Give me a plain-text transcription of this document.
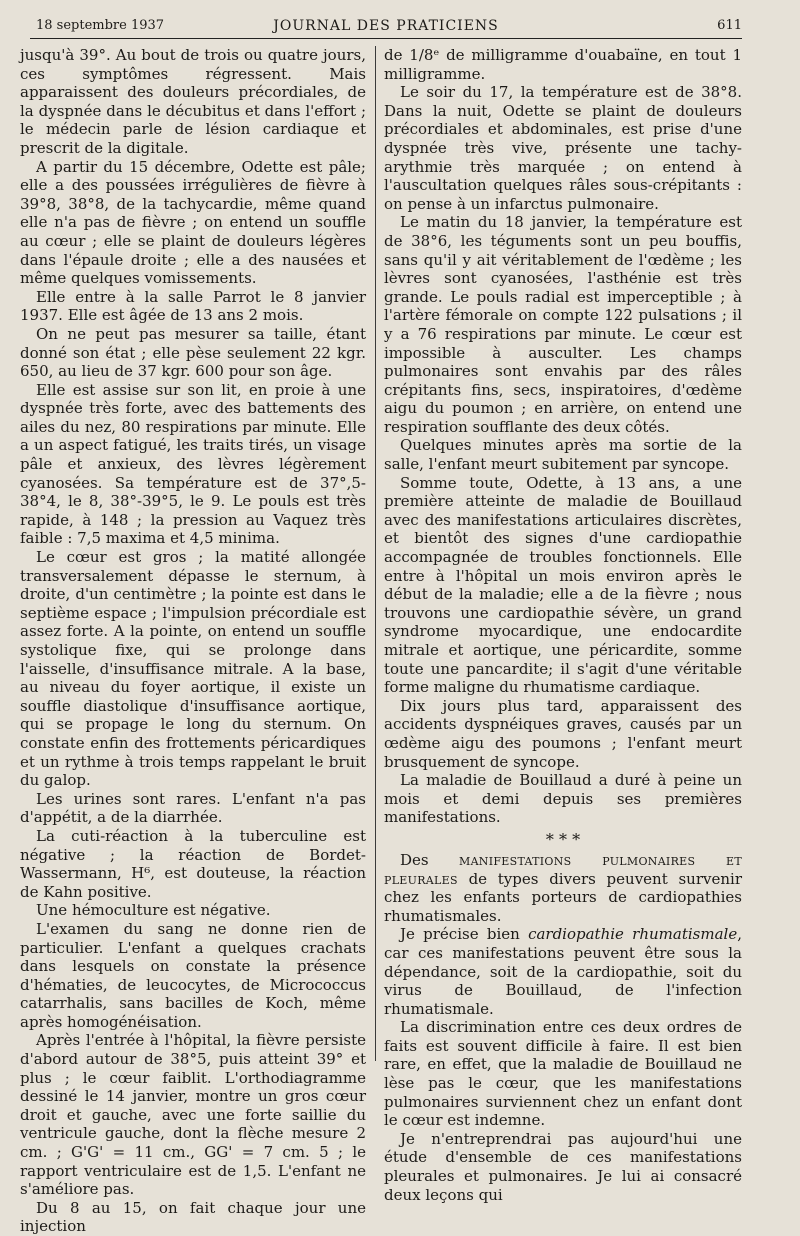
18 septembre 1937	JOURNAL DES PRATICIENS	611

jusqu'à 39°. Au bout de trois ou quatre jours, ces symptômes régressent. Mais apparaissent des douleurs précordiales, de la dyspnée dans le décubitus et dans l'effort ; le médecin parle de lésion cardiaque et prescrit de la digitale.

A partir du 15 décembre, Odette est pâle; elle a des poussées irrégulières de fièvre à 39°8, 38°8, de la tachycardie, même quand elle n'a pas de fièvre ; on entend un souffle au cœur ; elle se plaint de douleurs légères dans l'épaule droite ; elle a des nausées et même quelques vomissements.

Elle entre à la salle Parrot le 8 janvier 1937. Elle est âgée de 13 ans 2 mois.

On ne peut pas mesurer sa taille, étant donné son état ; elle pèse seulement 22 kgr. 650, au lieu de 37 kgr. 600 pour son âge.

Elle est assise sur son lit, en proie à une dyspnée très forte, avec des battements des ailes du nez, 80 respirations par minute. Elle a un aspect fatigué, les traits tirés, un visage pâle et anxieux, des lèvres légèrement cyanosées. Sa température est de 37°,5-38°4, le 8, 38°-39°5, le 9. Le pouls est très rapide, à 148 ; la pression au Vaquez très faible : 7,5 maxima et 4,5 minima.

Le cœur est gros ; la matité allongée transversalement dépasse le sternum, à droite, d'un centimètre ; la pointe est dans le septième espace ; l'impulsion précordiale est assez forte. A la pointe, on entend un souffle systolique fixe, qui se prolonge dans l'aisselle, d'insuffisance mitrale. A la base, au niveau du foyer aortique, il existe un souffle diastolique d'insuffisance aortique, qui se propage le long du sternum. On constate enfin des frottements péricardiques et un rythme à trois temps rappelant le bruit du galop.

Les urines sont rares. L'enfant n'a pas d'appétit, a de la diarrhée.

La cuti-réaction à la tuberculine est négative ; la réaction de Bordet-Wassermann, H⁶, est douteuse, la réaction de Kahn positive.

Une hémoculture est négative.

L'examen du sang ne donne rien de particulier. L'enfant a quelques crachats dans lesquels on constate la présence d'hématies, de leucocytes, de Micrococcus catarrhalis, sans bacilles de Koch, même après homogénéisation.

Après l'entrée à l'hôpital, la fièvre persiste d'abord autour de 38°5, puis atteint 39° et plus ; le cœur faiblit. L'orthodiagramme dessiné le 14 janvier, montre un gros cœur droit et gauche, avec une forte saillie du ventricule gauche, dont la flèche mesure 2 cm. ; G'G' = 11 cm., GG' = 7 cm. 5 ; le rapport ventriculaire est de 1,5. L'enfant ne s'améliore pas.

Du 8 au 15, on fait chaque jour une injection

de 1/8ᵉ de milligramme d'ouabaïne, en tout 1 milligramme.

Le soir du 17, la température est de 38°8. Dans la nuit, Odette se plaint de douleurs précordiales et abdominales, est prise d'une dyspnée très vive, présente une tachy-arythmie très marquée ; on entend à l'auscultation quelques râles sous-crépitants : on pense à un infarctus pulmonaire.

Le matin du 18 janvier, la température est de 38°6, les téguments sont un peu bouffis, sans qu'il y ait véritablement de l'œdème ; les lèvres sont cyanosées, l'asthénie est très grande. Le pouls radial est imperceptible ; à l'artère fémorale on compte 122 pulsations ; il y a 76 respirations par minute. Le cœur est impossible à ausculter. Les champs pulmonaires sont envahis par des râles crépitants fins, secs, inspiratoires, d'œdème aigu du poumon ; en arrière, on entend une respiration soufflante des deux côtés.

Quelques minutes après ma sortie de la salle, l'enfant meurt subitement par syncope.

Somme toute, Odette, à 13 ans, a une première atteinte de maladie de Bouillaud avec des manifestations articulaires discrètes, et bientôt des signes d'une cardiopathie accompagnée de troubles fonctionnels. Elle entre à l'hôpital un mois environ après le début de la maladie; elle a de la fièvre ; nous trouvons une cardiopathie sévère, un grand syndrome myocardique, une endocardite mitrale et aortique, une péricardite, somme toute une pancardite; il s'agit d'une véritable forme maligne du rhumatisme cardiaque.

Dix jours plus tard, apparaissent des accidents dyspnéiques graves, causés par un œdème aigu des poumons ; l'enfant meurt brusquement de syncope.

La maladie de Bouillaud a duré à peine un mois et demi depuis ses premières manifestations.

* * *

Des manifestations pulmonaires et pleurales de types divers peuvent survenir chez les enfants porteurs de cardiopathies rhumatismales.

Je précise bien cardiopathie rhumatismale, car ces manifestations peuvent être sous la dépendance, soit de la cardiopathie, soit du virus de Bouillaud, de l'infection rhumatismale.

La discrimination entre ces deux ordres de faits est souvent difficile à faire. Il est bien rare, en effet, que la maladie de Bouillaud ne lèse pas le cœur, que les manifestations pulmonaires surviennent chez un enfant dont le cœur est indemne.

Je n'entreprendrai pas aujourd'hui une étude d'ensemble de ces manifestations pleurales et pulmonaires. Je lui ai consacré deux leçons qui
